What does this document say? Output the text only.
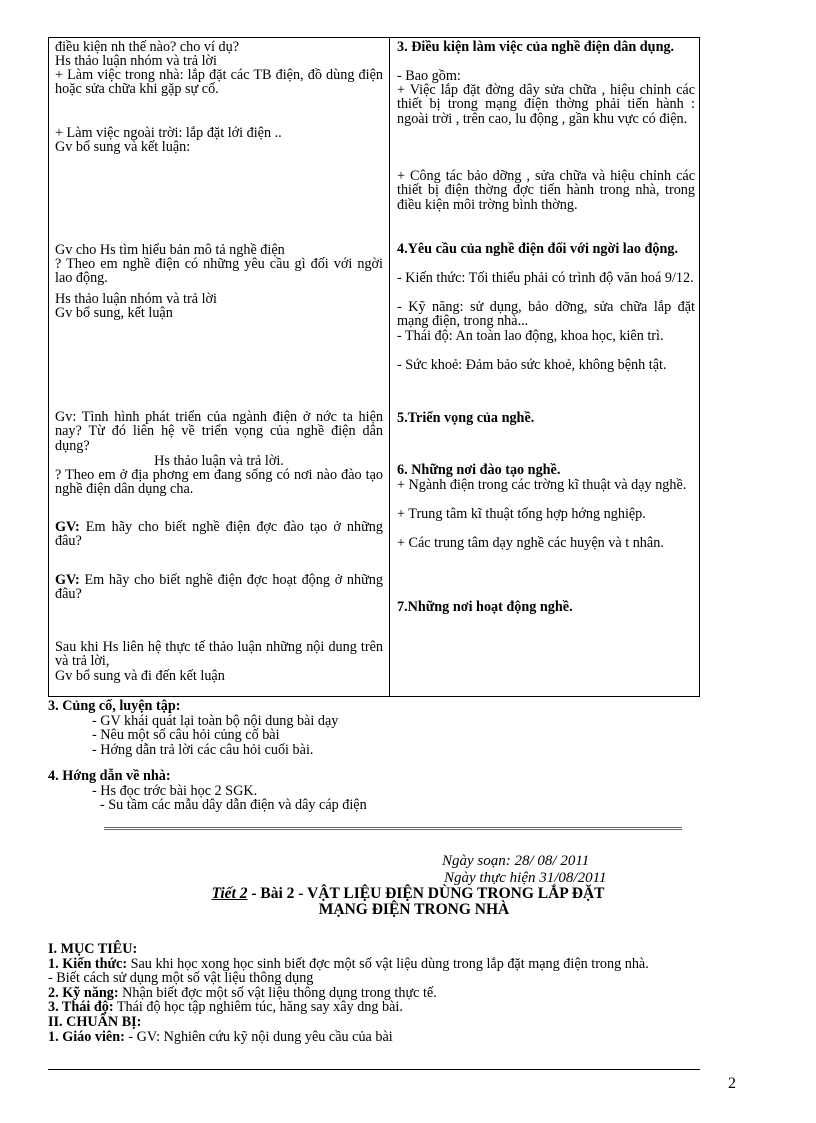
điều kiện nh thế nào? cho ví dụ?
Hs thảo luận nhóm và trả lời
+ Làm việc trong nhà: lắp đặt các TB điện, đồ dùng điện hoặc sửa chữa khi gặp sự cố.
+ Làm việc ngoài trời: lắp đặt lới điện ..
Gv bổ sung và kết luận:
Gv cho Hs tìm hiểu bản mô tả nghề điện
? Theo em nghề điện có những yêu cầu gì đối với ngời lao động.
Hs thảo luận nhóm và trả lời
Gv bổ sung, kết luận
Gv: Tình hình phát triển của ngành điện ở nớc ta hiện nay? Từ đó liên hệ về triển vọng của nghề điện dân dụng?
Hs thảo luận và trả lời.
? Theo em ở địa phơng em đang sống có nơi nào đào tạo nghề điện dân dụng cha.
GV: Em hãy cho biết nghề điện đợc đào tạo ở những đâu?
GV: Em hãy cho biết nghề điện đợc hoạt động ở những đâu?
Sau khi Hs liên hệ thực tế thảo luận những nội dung trên và trả lời,
Gv bổ sung và đi đến kết luận
3. Điều kiện làm việc của nghề điện dân dụng.
- Bao gồm:
+ Việc lắp đặt đờng dây sửa chữa , hiệu chỉnh các thiết bị trong mạng điện thờng phải tiến hành : ngoài trời , trên cao, lu động , gần khu vực có điện.
+ Công tác bảo dỡng , sửa chữa và hiệu chỉnh các thiết bị điện thờng đợc tiến hành trong nhà, trong điều kiện môi trờng bình thờng.
4.Yêu cầu của nghề điện đối với ngời lao động.
- Kiến thức: Tối thiểu phải có trình độ văn hoá 9/12.
- Kỹ năng: sử dụng, bảo dỡng, sửa chữa lắp đặt mạng điện, trong nhà...
- Thái độ: An toàn lao động, khoa học, kiên trì.
- Sức khoẻ: Đảm bảo sức khoẻ, không bệnh tật.
5.Triển vọng của nghề.
6. Những nơi đào tạo nghề.
+ Ngành điện trong các trờng kĩ thuật và dạy nghề.
+ Trung tâm kĩ thuật tổng hợp hớng nghiệp.
+ Các trung tâm dạy nghề các huyện và t nhân.
7.Những nơi hoạt động nghề.
3. Củng cố, luyện tập:
- GV khái quát lại toàn bộ nội dung bài dạy
- Nêu một số câu hỏi củng cố bài
- Hớng dẫn trả lời các câu hỏi cuối bài.
4. Hớng dẫn về nhà:
- Hs đọc trớc bài học 2 SGK.
- Su tầm các mẫu dây dẫn điện và dây cáp điện
Ngày soạn: 28/ 08/ 2011
Ngày thực hiện 31/08/2011
Tiết 2 - Bài 2 - VẬT LIỆU ĐIỆN DÙNG TRONG LẮP ĐẶT
MẠNG ĐIỆN TRONG NHÀ
I. MỤC TIÊU:
1. Kiến thức: Sau khi học xong học sinh biết đợc một số vật liệu dùng trong lắp đặt mạng điện trong nhà.
- Biết cách sử dụng một số vật liệu thông dụng
2. Kỹ năng: Nhận biết đợc một số vật liệu thông dụng trong thực tế.
3. Thái độ: Thái độ học tập nghiêm túc, hăng say xây dng bài.
II. CHUẨN BỊ:
1. Giáo viên: - GV: Nghiên cứu kỹ nội dung yêu cầu của bài
2
